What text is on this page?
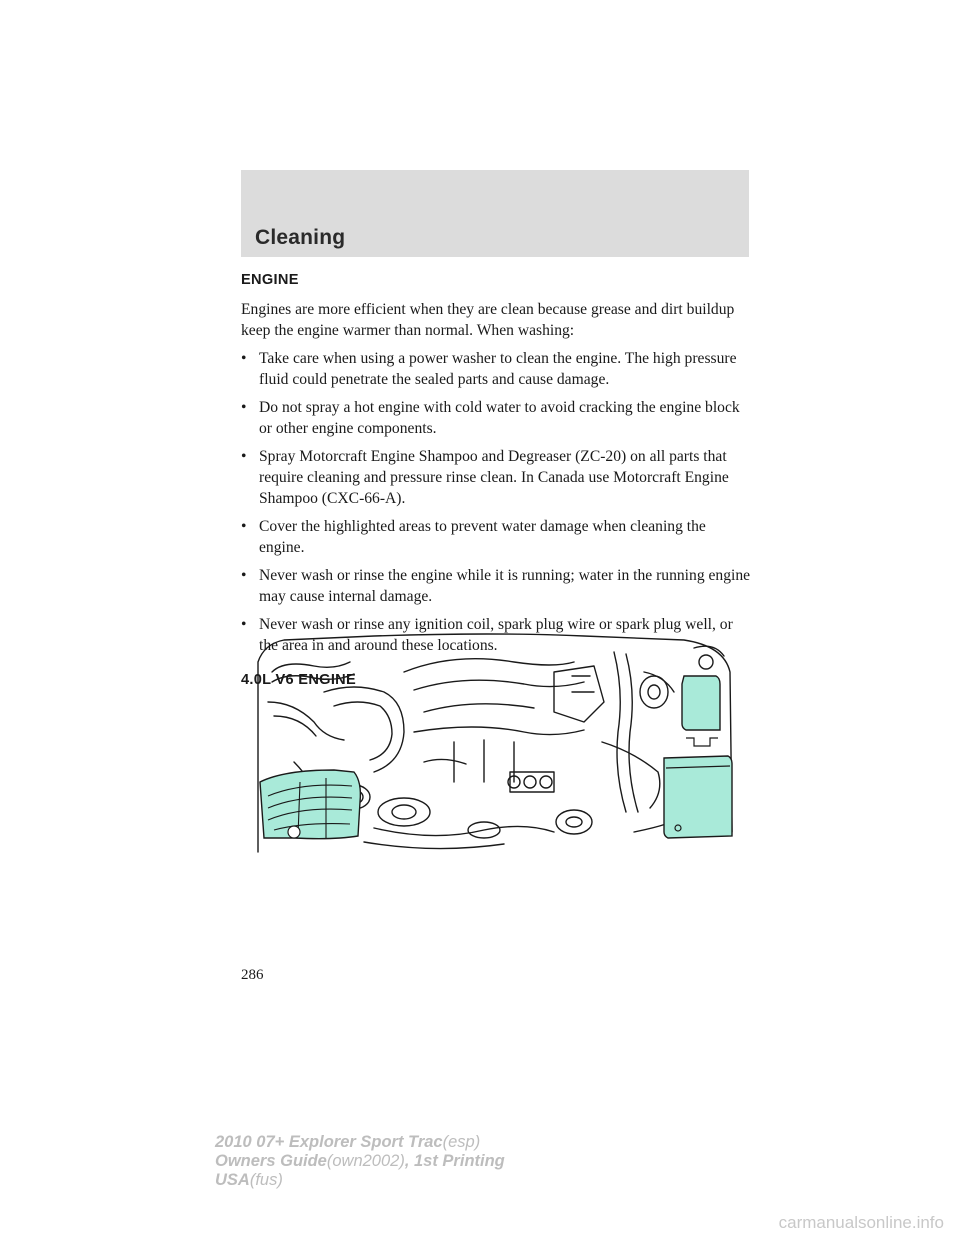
Cleaning
ENGINE

Engines are more efficient when they are clean because grease and dirt buildup keep the engine warmer than normal. When washing:

• Take care when using a power washer to clean the engine. The high pressure fluid could penetrate the sealed parts and cause damage.
• Do not spray a hot engine with cold water to avoid cracking the engine block or other engine components.
• Spray Motorcraft Engine Shampoo and Degreaser (ZC-20) on all parts that require cleaning and pressure rinse clean. In Canada use Motorcraft Engine Shampoo (CXC-66-A).
• Cover the highlighted areas to prevent water damage when cleaning the engine.
• Never wash or rinse the engine while it is running; water in the running engine may cause internal damage.
• Never wash or rinse any ignition coil, spark plug wire or spark plug well, or the area in and around these locations.
4.0L V6 ENGINE
286
2010 07+ Explorer Sport Trac(esp)
Owners Guide(own2002), 1st Printing
USA(fus)
carmanualsonline.info
